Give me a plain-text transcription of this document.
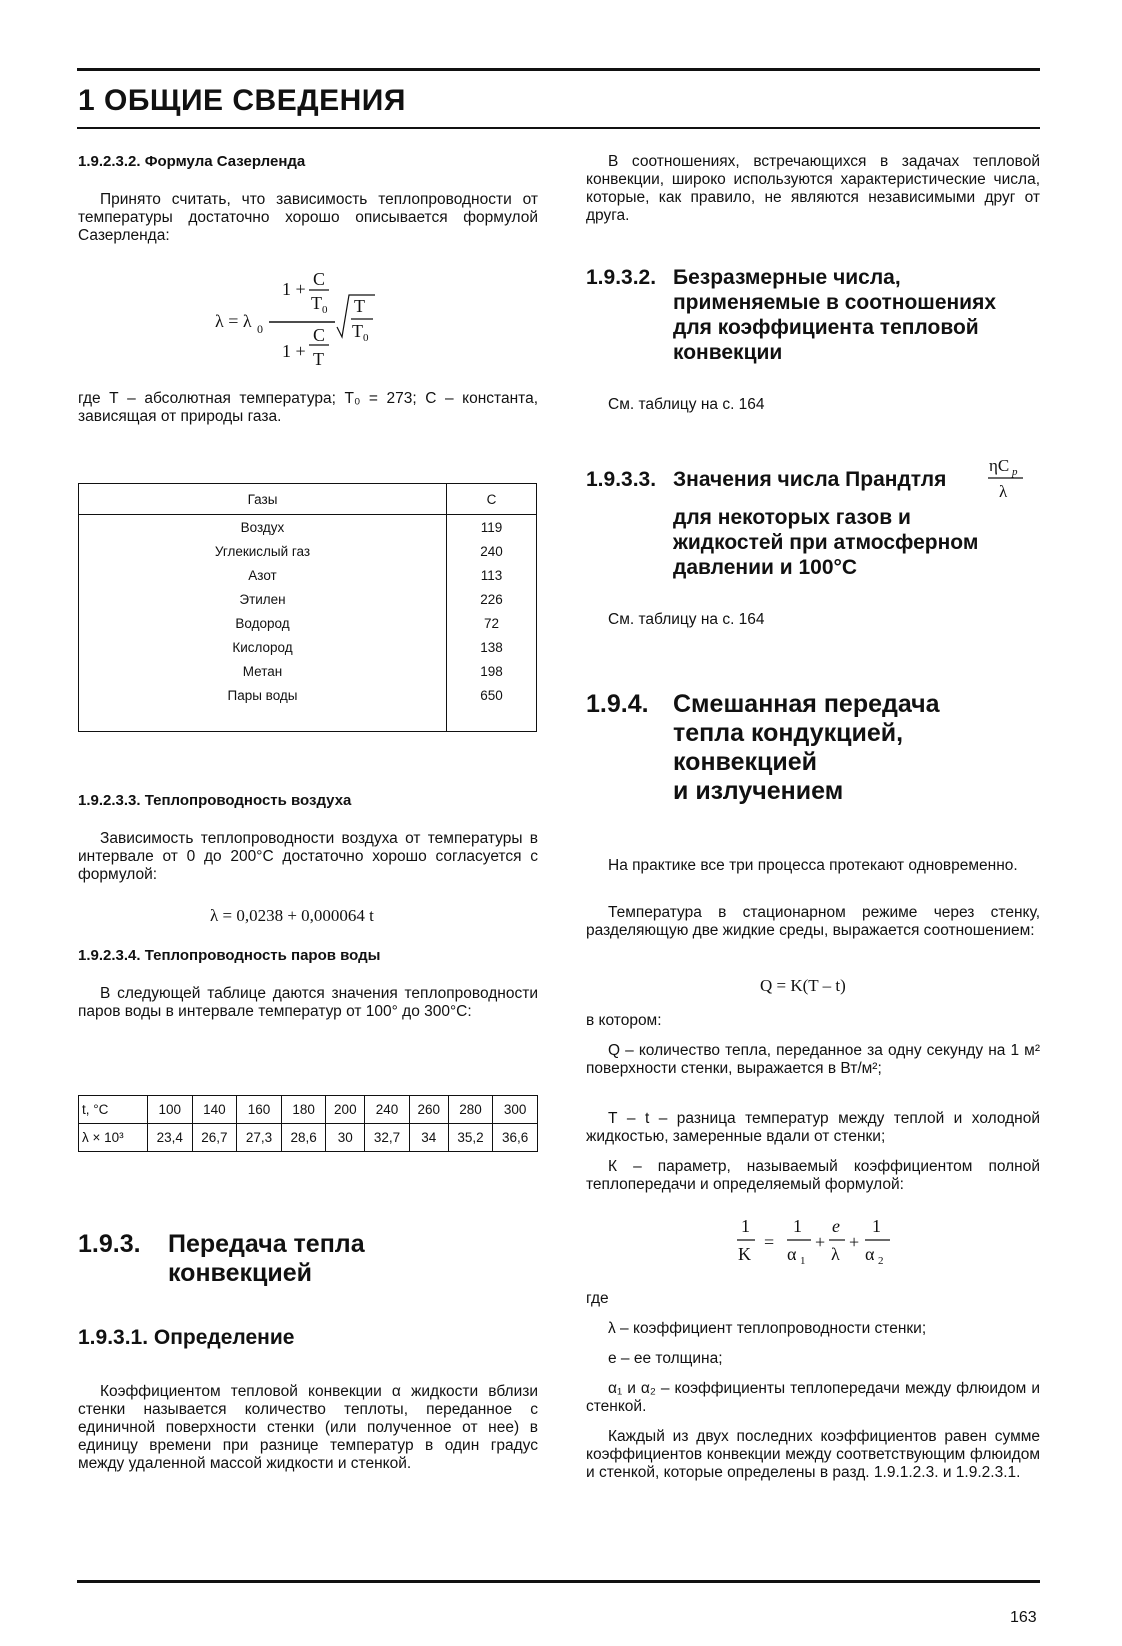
1 ОБЩИЕ СВЕДЕНИЯ
1.9.2.3.2. Формула Сазерленда
Принято считать, что зависимость теплопроводности от температуры достаточно хорошо описывается формулой Сазерленда:
λ = λ 0
1 + C
T 0
1 +
C
T
T
T 0
где Т – абсолютная температура; T₀ = 273; С – константа, зависящая от природы газа.
Газы	С
Воздух	119
Углекислый газ	240
Азот	113
Этилен	226
Водород	72
Кислород	138
Метан	198
Пары воды	650

1.9.2.3.3. Теплопроводность воздуха
Зависимость теплопроводности воздуха от температуры в интервале от 0 до 200°С достаточно хорошо согласуется с формулой:
λ = 0,0238 + 0,000064 t
1.9.2.3.4. Теплопроводность паров воды
В следующей таблице даются значения теплопроводности паров воды в интервале температур от 100° до 300°С:
t, °C	100	140	160	180	200	240	260	280	300
λ × 10³	23,4	26,7	27,3	28,6	30	32,7	34	35,2	36,6
1.9.3. Передача тепла
конвекцией
1.9.3.1. Определение
Коэффициентом тепловой конвекции α жидкости вблизи стенки называется количество теплоты, переданное с единичной поверхности стенки (или полученное от нее) в единицу времени при разнице температур в один градус между удаленной массой жидкости и стенкой.
В соотношениях, встречающихся в задачах тепловой конвекции, широко используются характеристические числа, которые, как правило, не являются независимыми друг от друга.
1.9.3.2. Безразмерные числа,
применяемые в соотношениях
для коэффициента тепловой
конвекции
См. таблицу на с. 164
1.9.3.3. Значения числа Прандтля
ηC p
λ
для некоторых газов и
жидкостей при атмосферном
давлении и 100°С
См. таблицу на с. 164
1.9.4. Смешанная передача
тепла кондукцией,
конвекцией
и излучением
На практике все три процесса протекают одновременно.
Температура в стационарном режиме через стенку, разделяющую две жидкие среды, выражается соотношением:
Q = K(T – t)
в котором:
Q – количество тепла, переданное за одну секунду на 1 м² поверхности стенки, выражается в Вт/м²;
Т – t – разница температур между теплой и холодной жидкостью, замеренные вдали от стенки;
К – параметр, называемый коэффициентом полной теплопередачи и определяемый формулой:
1
K
=
1
α 1
+
e
λ
+
1
α 2
где
λ – коэффициент теплопроводности стенки;
e – ее толщина;
α₁ и α₂ – коэффициенты теплопередачи между флюидом и стенкой.
Каждый из двух последних коэффициентов равен сумме коэффициентов конвекции между соответствующим флюидом и стенкой, которые определены в разд. 1.9.1.2.3. и 1.9.2.3.1.
163
